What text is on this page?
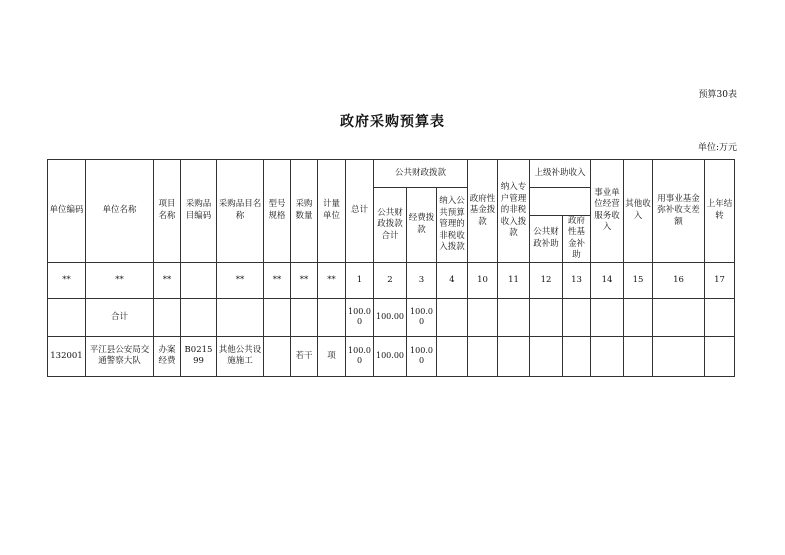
预算30表
政府采购预算表
单位:万元
单位编码	单位名称	项目名称	采购品目编码	采购品目名称	型号规格	采购数量	计量单位	总计	公共财政拨款			政府性基金拨款	纳入专户管理的非税收入拨款	上级补助收入		事业单位经营服务收入	其他收入	用事业基金弥补收支差额	上年结转
									公共财政拨款合计	经费拨款	纳入公共预算管理的非税收入拨款								
														公共财政补助	政府性基金补助				
**	**	**		**	**	**	**	1	2	3	4	10	11	12	13	14	15	16	17
	合计							100.00	100.00	100.00									
132001	平江县公安局交通警察大队	办案经费	B021599	其他公共设施施工		若干	项	100.00	100.00	100.00									
